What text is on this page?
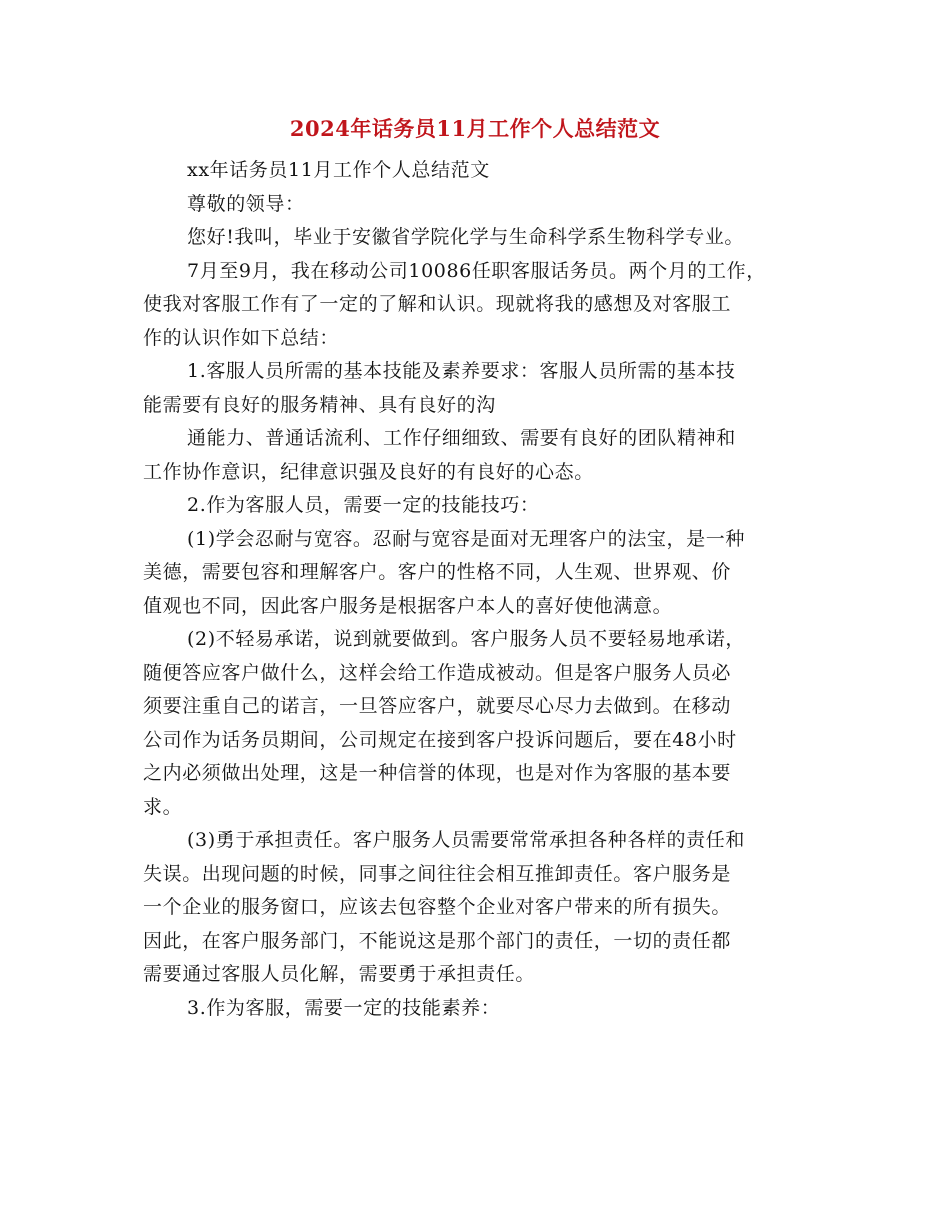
2024年话务员11月工作个人总结范文

xx年话务员11月工作个人总结范文

尊敬的领导：

您好!我叫，毕业于安徽省学院化学与生命科学系生物科学专业。

7月至9月，我在移动公司10086任职客服话务员。两个月的工作，

使我对客服工作有了一定的了解和认识。现就将我的感想及对客服工

作的认识作如下总结：

1.客服人员所需的基本技能及素养要求：客服人员所需的基本技

能需要有良好的服务精神、具有良好的沟

通能力、普通话流利、工作仔细细致、需要有良好的团队精神和

工作协作意识，纪律意识强及良好的有良好的心态。

2.作为客服人员，需要一定的技能技巧：

(1)学会忍耐与宽容。忍耐与宽容是面对无理客户的法宝，是一种

美德，需要包容和理解客户。客户的性格不同，人生观、世界观、价

值观也不同，因此客户服务是根据客户本人的喜好使他满意。

(2)不轻易承诺，说到就要做到。客户服务人员不要轻易地承诺，

随便答应客户做什么，这样会给工作造成被动。但是客户服务人员必

须要注重自己的诺言，一旦答应客户，就要尽心尽力去做到。在移动

公司作为话务员期间，公司规定在接到客户投诉问题后，要在48小时

之内必须做出处理，这是一种信誉的体现，也是对作为客服的基本要

求。

(3)勇于承担责任。客户服务人员需要常常承担各种各样的责任和

失误。出现问题的时候，同事之间往往会相互推卸责任。客户服务是

一个企业的服务窗口，应该去包容整个企业对客户带来的所有损失。

因此，在客户服务部门，不能说这是那个部门的责任，一切的责任都

需要通过客服人员化解，需要勇于承担责任。

3.作为客服，需要一定的技能素养：
